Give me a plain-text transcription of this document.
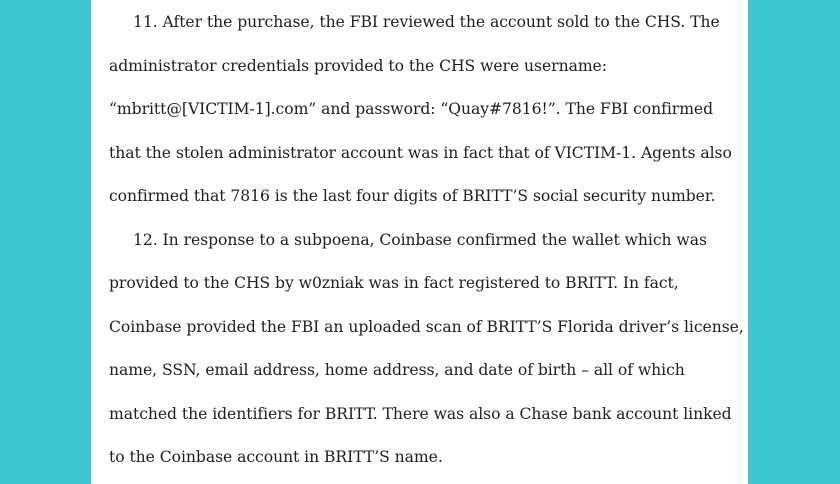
11. After the purchase, the FBI reviewed the account sold to the CHS. The
administrator credentials provided to the CHS were username:
“mbritt@[VICTIM-1].com” and password: “Quay#7816!”. The FBI confirmed
that the stolen administrator account was in fact that of VICTIM-1. Agents also
confirmed that 7816 is the last four digits of BRITT’S social security number.
12. In response to a subpoena, Coinbase confirmed the wallet which was
provided to the CHS by w0zniak was in fact registered to BRITT. In fact,
Coinbase provided the FBI an uploaded scan of BRITT’S Florida driver’s license,
name, SSN, email address, home address, and date of birth – all of which
matched the identifiers for BRITT. There was also a Chase bank account linked
to the Coinbase account in BRITT’S name.
